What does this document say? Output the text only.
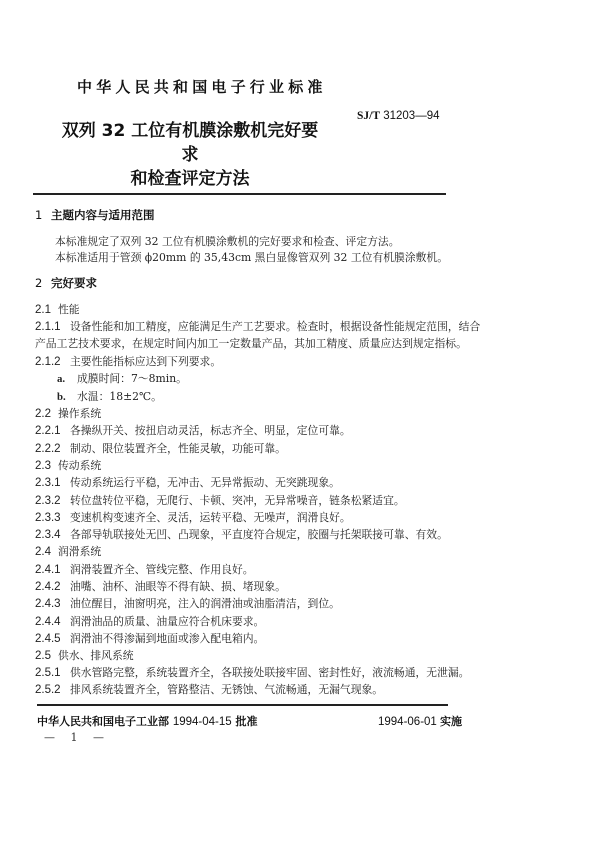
中华人民共和国电子行业标准
SJ/T 31203—94
双列 32 工位有机膜涂敷机完好要求
和检查评定方法
1 主题内容与适用范围
本标准规定了双列 32 工位有机膜涂敷机的完好要求和检查、评定方法。
本标准适用于管颈 ϕ20mm 的 35,43cm 黑白显像管双列 32 工位有机膜涂敷机。
2 完好要求
2.1 性能
2.1.1 设备性能和加工精度，应能满足生产工艺要求。检查时，根据设备性能规定范围，结合
产品工艺技术要求，在规定时间内加工一定数量产品，其加工精度、质量应达到规定指标。
2.1.2 主要性能指标应达到下列要求。
a. 成膜时间：7～8min。
b. 水温：18±2℃。
2.2 操作系统
2.2.1 各操纵开关、按扭启动灵活，标志齐全、明显，定位可靠。
2.2.2 制动、限位装置齐全，性能灵敏，功能可靠。
2.3 传动系统
2.3.1 传动系统运行平稳，无冲击、无异常振动、无突跳现象。
2.3.2 转位盘转位平稳，无爬行、卡顿、突冲，无异常噪音，链条松紧适宜。
2.3.3 变速机构变速齐全、灵活，运转平稳、无噪声，润滑良好。
2.3.4 各部导轨联接处无凹、凸现象，平直度符合规定，胶圈与托架联接可靠、有效。
2.4 润滑系统
2.4.1 润滑装置齐全、管线完整、作用良好。
2.4.2 油嘴、油杯、油眼等不得有缺、损、堵现象。
2.4.3 油位醒目，油窗明亮，注入的润滑油或油脂清洁，到位。
2.4.4 润滑油品的质量、油量应符合机床要求。
2.4.5 润滑油不得渗漏到地面或渗入配电箱内。
2.5 供水、排风系统
2.5.1 供水管路完整，系统装置齐全，各联接处联接牢固、密封性好，液流畅通，无泄漏。
2.5.2 排风系统装置齐全，管路整洁、无锈蚀、气流畅通，无漏气现象。
中华人民共和国电子工业部 1994-04-15 批准	1994-06-01 实施
— 1 —
